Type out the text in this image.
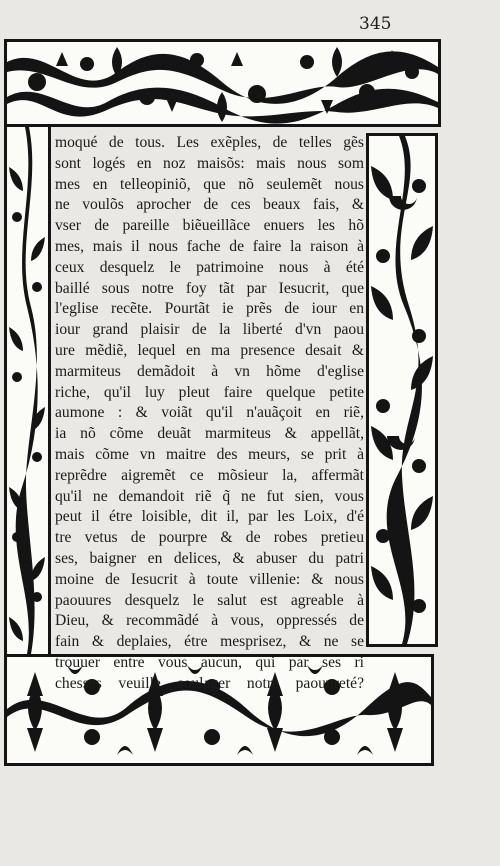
345
moqué de tous. Les exẽples, de telles gẽs
sont logés en noz maisõs: mais nous som
mes en telleopiniõ, que nõ seulemẽt nous
ne voulõs aprocher de ces beaux fais, &
vser de pareille biẽueillãce enuers les hõ
mes, mais il nous fache de faire la raison à
ceux desquelz le patrimoine nous à été
baillé sous notre foy tãt par Iesucrit, que
l'eglise recẽte. Pourtãt ie prẽs de iour en
iour grand plaisir de la liberté d'vn paou
ure mẽdiẽ, lequel en ma presence desait &
marmiteus demãdoit à vn hõme d'eglise
riche, qu'il luy pleut faire quelque petite
aumone : & voiãt qu'il n'auãçoit en riẽ,
ia nõ cõme deuãt marmiteus & appellãt,
mais cõme vn maitre des meurs, se prit à
reprẽdre aigremẽt ce mõsieur la, affermãt
qu'il ne demandoit riẽ q̃ ne fut sien, vous
peut il étre loisible, dit il, par les Loix, d'é
tre vetus de pourpre & de robes pretieu
ses, baigner en delices, & abuser du patri
moine de Iesucrit à toute villenie: & nous
paouures desquelz le salut est agreable à
Dieu, & recommãdé à vous, oppressés de
fain & deplaies, étre mesprisez, & ne se
trouuer entre vous aucun, qui par ses ri
chesses veuille soulager notre paouureté?
